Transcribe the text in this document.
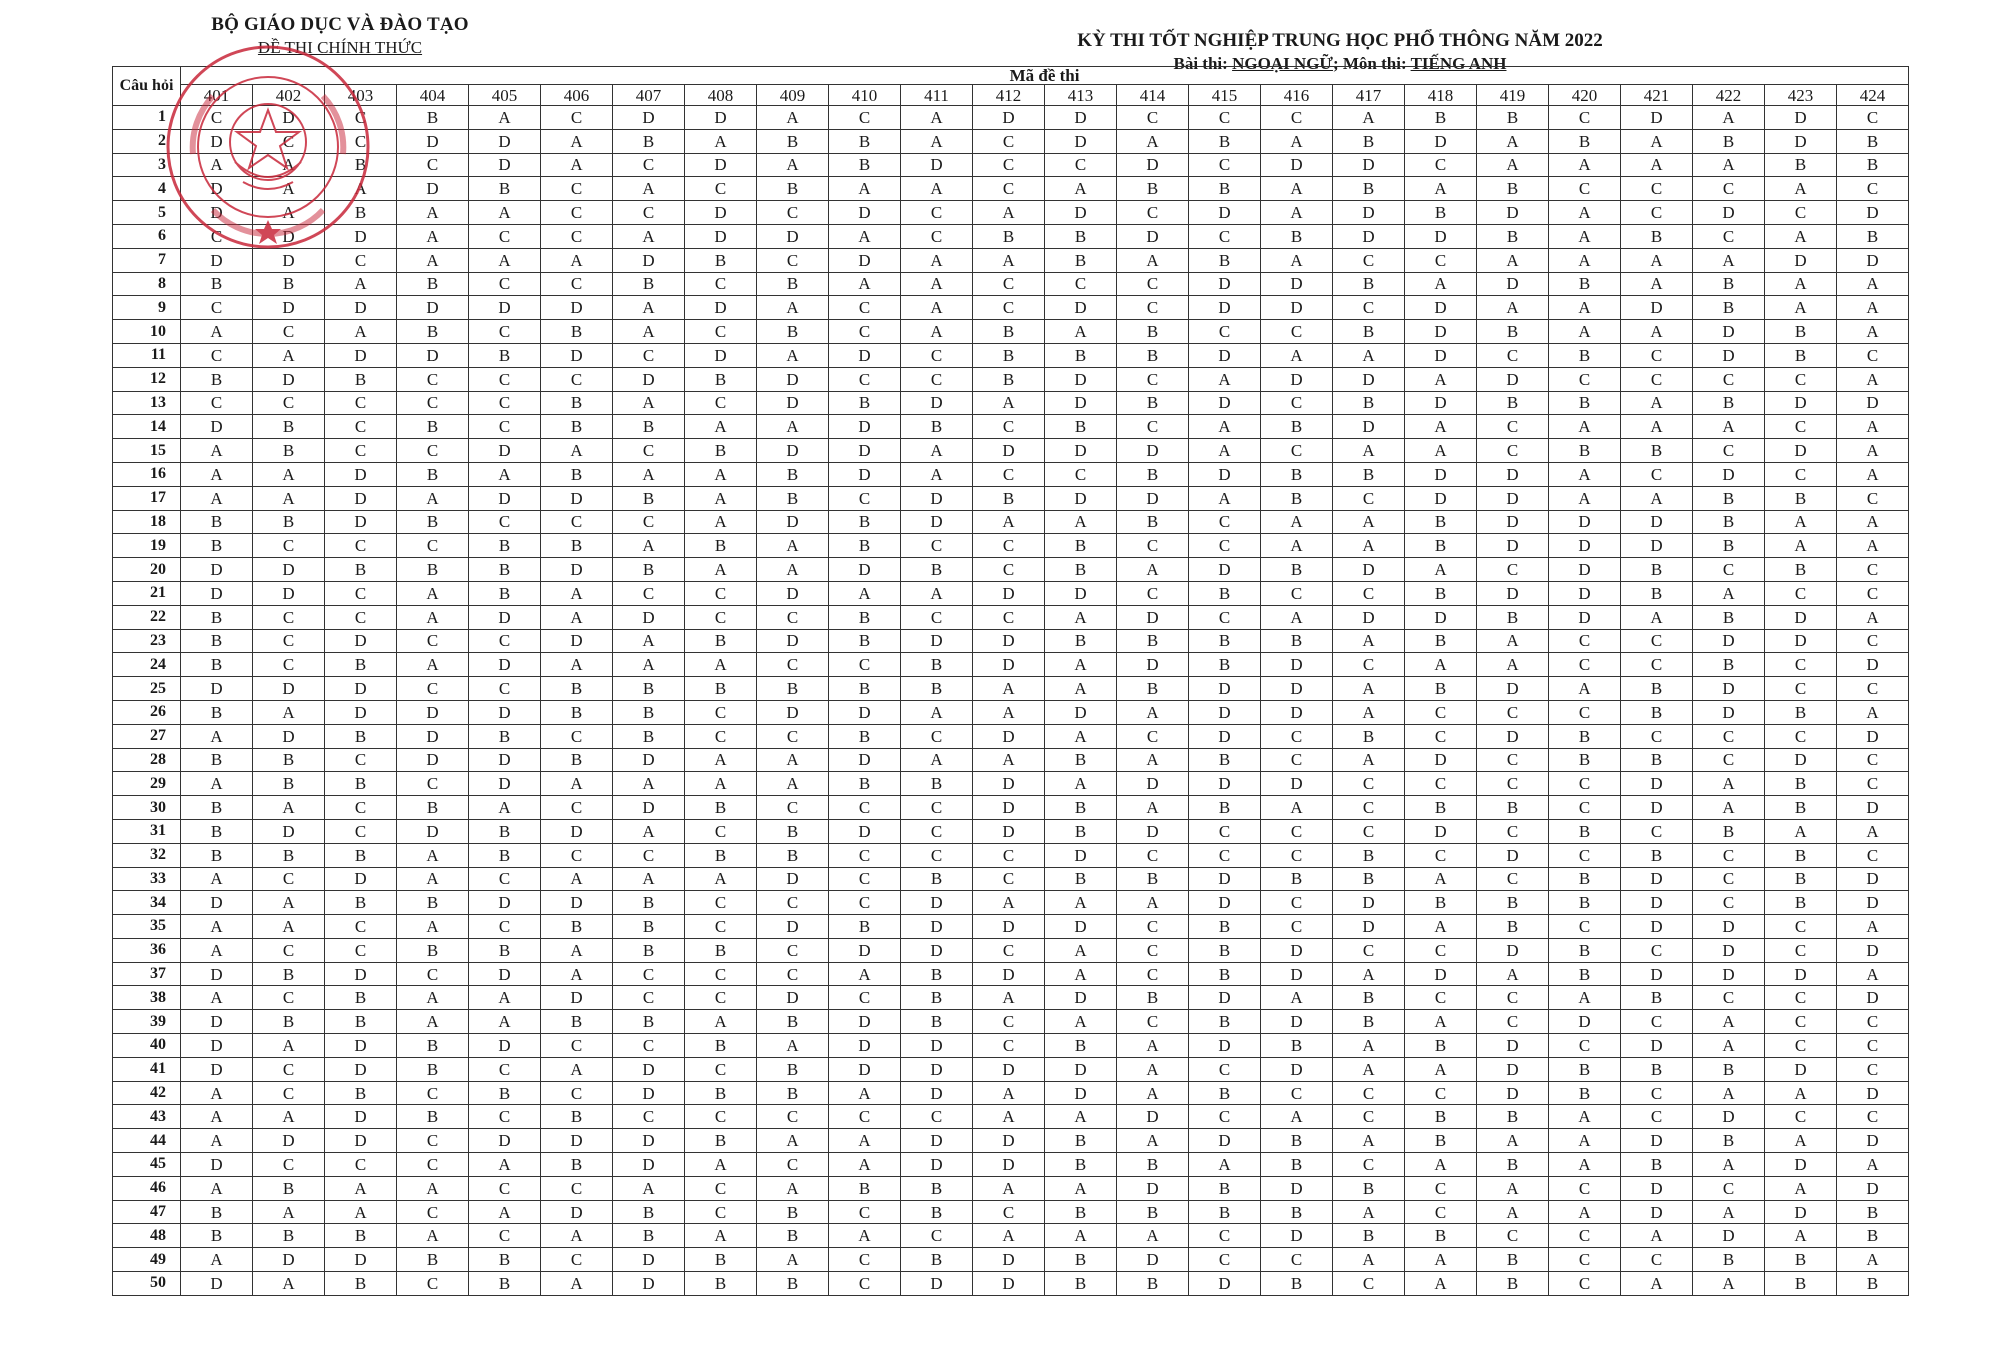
BỘ GIÁO DỤC VÀ ĐÀO TẠO
ĐỀ THI CHÍNH THỨC	KỲ THI TỐT NGHIỆP TRUNG HỌC PHỔ THÔNG NĂM 2022
Bài thi: NGOẠI NGỮ; Môn thi: TIẾNG ANH
Câu hỏi	Mã đề thi																							
	401	402	403	404	405	406	407	408	409	410	411	412	413	414	415	416	417	418	419	420	421	422	423	424
1	C	D	C	B	A	C	D	D	A	C	A	D	D	C	C	C	A	B	B	C	D	A	D	C
2	D	C	C	D	D	A	B	A	B	B	A	C	D	A	B	A	B	D	A	B	A	B	D	B
3	A	A	B	C	D	A	C	D	A	B	D	C	C	D	C	D	D	C	A	A	A	A	B	B
4	D	A	A	D	B	C	A	C	B	A	A	C	A	B	B	A	B	A	B	C	C	C	A	C
5	D	A	B	A	A	C	C	D	C	D	C	A	D	C	D	A	D	B	D	A	C	D	C	D
6	C	D	D	A	C	C	A	D	D	A	C	B	B	D	C	B	D	D	B	A	B	C	A	B
7	D	D	C	A	A	A	D	B	C	D	A	A	B	A	B	A	C	C	A	A	A	A	D	D
8	B	B	A	B	C	C	B	C	B	A	A	C	C	C	D	D	B	A	D	B	A	B	A	A
9	C	D	D	D	D	D	A	D	A	C	A	C	D	C	D	D	C	D	A	A	D	B	A	A
10	A	C	A	B	C	B	A	C	B	C	A	B	A	B	C	C	B	D	B	A	A	D	B	A
11	C	A	D	D	B	D	C	D	A	D	C	B	B	B	D	A	A	D	C	B	C	D	B	C
12	B	D	B	C	C	C	D	B	D	C	C	B	D	C	A	D	D	A	D	C	C	C	C	A
13	C	C	C	C	C	B	A	C	D	B	D	A	D	B	D	C	B	D	B	B	A	B	D	D
14	D	B	C	B	C	B	B	A	A	D	B	C	B	C	A	B	D	A	C	A	A	A	C	A
15	A	B	C	C	D	A	C	B	D	D	A	D	D	D	A	C	A	A	C	B	B	C	D	A
16	A	A	D	B	A	B	A	A	B	D	A	C	C	B	D	B	B	D	D	A	C	D	C	A
17	A	A	D	A	D	D	B	A	B	C	D	B	D	D	A	B	C	D	D	A	A	B	B	C
18	B	B	D	B	C	C	C	A	D	B	D	A	A	B	C	A	A	B	D	D	D	B	A	A
19	B	C	C	C	B	B	A	B	A	B	C	C	B	C	C	A	A	B	D	D	D	B	A	A
20	D	D	B	B	B	D	B	A	A	D	B	C	B	A	D	B	D	A	C	D	B	C	B	C
21	D	D	C	A	B	A	C	C	D	A	A	D	D	C	B	C	C	B	D	D	B	A	C	C
22	B	C	C	A	D	A	D	C	C	B	C	C	A	D	C	A	D	D	B	D	A	B	D	A
23	B	C	D	C	C	D	A	B	D	B	D	D	B	B	B	B	A	B	A	C	C	D	D	C
24	B	C	B	A	D	A	A	A	C	C	B	D	A	D	B	D	C	A	A	C	C	B	C	D
25	D	D	D	C	C	B	B	B	B	B	B	A	A	B	D	D	A	B	D	A	B	D	C	C
26	B	A	D	D	D	B	B	C	D	D	A	A	D	A	D	D	A	C	C	C	B	D	B	A
27	A	D	B	D	B	C	B	C	C	B	C	D	A	C	D	C	B	C	D	B	C	C	C	D
28	B	B	C	D	D	B	D	A	A	D	A	A	B	A	B	C	A	D	C	B	B	C	D	C
29	A	B	B	C	D	A	A	A	A	B	B	D	A	D	D	D	C	C	C	C	D	A	B	C
30	B	A	C	B	A	C	D	B	C	C	C	D	B	A	B	A	C	B	B	C	D	A	B	D
31	B	D	C	D	B	D	A	C	B	D	C	D	B	D	C	C	C	D	C	B	C	B	A	A
32	B	B	B	A	B	C	C	B	B	C	C	C	D	C	C	C	B	C	D	C	B	C	B	C
33	A	C	D	A	C	A	A	A	D	C	B	C	B	B	D	B	B	A	C	B	D	C	B	D
34	D	A	B	B	D	D	B	C	C	C	D	A	A	A	D	C	D	B	B	B	D	C	B	D
35	A	A	C	A	C	B	B	C	D	B	D	D	D	C	B	C	D	A	B	C	D	D	C	A
36	A	C	C	B	B	A	B	B	C	D	D	C	A	C	B	D	C	C	D	B	C	D	C	D
37	D	B	D	C	D	A	C	C	C	A	B	D	A	C	B	D	A	D	A	B	D	D	D	A
38	A	C	B	A	A	D	C	C	D	C	B	A	D	B	D	A	B	C	C	A	B	C	C	D
39	D	B	B	A	A	B	B	A	B	D	B	C	A	C	B	D	B	A	C	D	C	A	C	C
40	D	A	D	B	D	C	C	B	A	D	D	C	B	A	D	B	A	B	D	C	D	A	C	C
41	D	C	D	B	C	A	D	C	B	D	D	D	D	A	C	D	A	A	D	B	B	B	D	C
42	A	C	B	C	B	C	D	B	B	A	D	A	D	A	B	C	C	C	D	B	C	A	A	D
43	A	A	D	B	C	B	C	C	C	C	C	A	A	D	C	A	C	B	B	A	C	D	C	C
44	A	D	D	C	D	D	D	B	A	A	D	D	B	A	D	B	A	B	A	A	D	B	A	D
45	D	C	C	C	A	B	D	A	C	A	D	D	B	B	A	B	C	A	B	A	B	A	D	A
46	A	B	A	A	C	C	A	C	A	B	B	A	A	D	B	D	B	C	A	C	D	C	A	D
47	B	A	A	C	A	D	B	C	B	C	B	C	B	B	B	B	A	C	A	A	D	A	D	B
48	B	B	B	A	C	A	B	A	B	A	C	A	A	A	C	D	B	B	C	C	A	D	A	B
49	A	D	D	B	B	C	D	B	A	C	B	D	B	D	C	C	A	A	B	C	C	B	B	A
50	D	A	B	C	B	A	D	B	B	C	D	D	B	B	D	B	C	A	B	C	A	A	B	B
